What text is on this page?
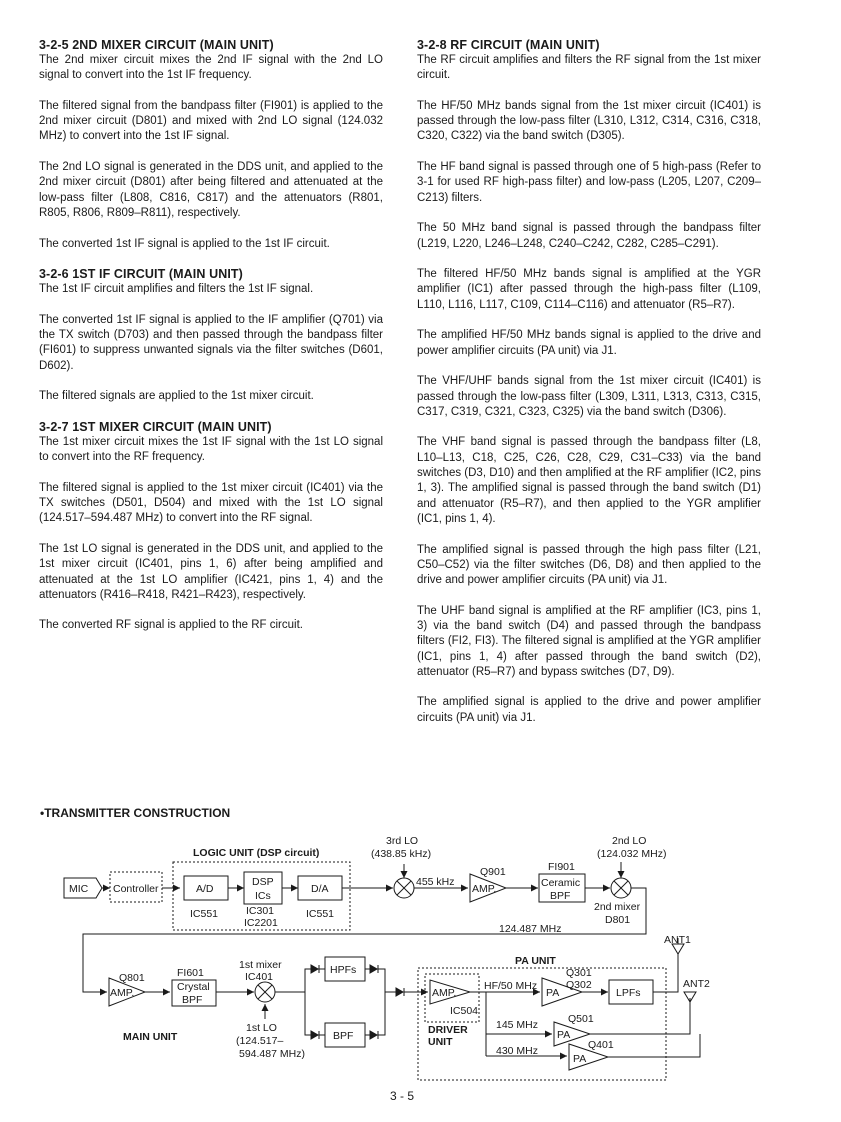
3-2-5 2ND MIXER CIRCUIT (MAIN UNIT)

The 2nd mixer circuit mixes the 2nd IF signal with the 2nd LO signal to convert into the 1st IF frequency.

The filtered signal from the bandpass filter (FI901) is applied to the 2nd mixer circuit (D801) and mixed with 2nd LO signal (124.032 MHz) to convert into the 1st IF signal.

The 2nd LO signal is generated in the DDS unit, and applied to the 2nd mixer circuit (D801) after being filtered and attenuated at the low-pass filter (L808, C816, C817) and the attenuators (R801, R805, R806, R809–R811), respectively.

The converted 1st IF signal is applied to the 1st IF circuit.

3-2-6 1ST IF CIRCUIT (MAIN UNIT)

The 1st IF circuit amplifies and filters the 1st IF signal.

The converted 1st IF signal is applied to the IF amplifier (Q701) via the TX switch (D703) and then passed through the bandpass filter (FI601) to suppress unwanted signals via the filter switches (D601, D602).

The filtered signals are applied to the 1st mixer circuit.

3-2-7 1ST MIXER CIRCUIT (MAIN UNIT)

The 1st mixer circuit mixes the 1st IF signal with the 1st LO signal to convert into the RF frequency.

The filtered signal is applied to the 1st mixer circuit (IC401) via the TX switches (D501, D504) and mixed with the 1st LO signal (124.517–594.487 MHz) to convert into the RF signal.

The 1st LO signal is generated in the DDS unit, and applied to the 1st mixer circuit (IC401, pins 1, 6) after being amplified and attenuated at the 1st LO amplifier (IC421, pins 1, 4) and the attenuators (R416–R418, R421–R423), respectively.

The converted RF signal is applied to the RF circuit.

3-2-8 RF CIRCUIT (MAIN UNIT)

The RF circuit amplifies and filters the RF signal from the 1st mixer circuit.

The HF/50 MHz bands signal from the 1st mixer circuit (IC401) is passed through the low-pass filter (L310, L312, C314, C316, C318, C320, C322) via the band switch (D305).

The HF band signal is passed through one of 5 high-pass (Refer to 3-1 for used RF high-pass filter) and low-pass (L205, L207, C209–C213) filters.

The 50 MHz band signal is passed through the bandpass filter (L219, L220, L246–L248, C240–C242, C282, C285–C291).

The filtered HF/50 MHz bands signal is amplified at the YGR amplifier (IC1) after passed through the high-pass filter (L109, L110, L116, L117, C109, C114–C116) and attenuator (R5–R7).

The amplified HF/50 MHz bands signal is applied to the drive and power amplifier circuits (PA unit) via J1.

The VHF/UHF bands signal from the 1st mixer circuit (IC401) is passed through the low-pass filter (L309, L311, L313, C313, C315, C317, C319, C321, C323, C325) via the band switch (D306).

The VHF band signal is passed through the bandpass filter (L8, L10–L13, C18, C25, C26, C28, C29, C31–C33) via the band switches (D3, D10) and then amplified at the RF amplifier (IC2, pins 1, 3). The amplified signal is passed through the band switch (D1) and attenuator (R5–R7), and then applied to the YGR amplifier (IC1, pins 1, 4).

The amplified signal is passed through the high pass filter (L21, C50–C52) via the filter switches (D6, D8) and then applied to the drive and power amplifier circuits (PA unit) via J1.

The UHF band signal is amplified at the RF amplifier (IC3, pins 1, 3) via the band switch (D4) and passed through the bandpass filters (FI2, FI3). The filtered signal is amplified at the YGR amplifier (IC1, pins 1, 4) after passed through the band switch (D2), attenuator (R5–R7) and bypass switches (D7, D9).

The amplified signal is applied to the drive and power amplifier circuits (PA unit) via J1.

•TRANSMITTER CONSTRUCTION
MIC Controller
LOGIC UNIT (DSP circuit)
A/D
DSP
ICs
D/A
IC551	IC301
IC2201
IC551
3rd LO
(438.85 kHz)
455 kHz
Q901
AMP.
FI901
Ceramic
BPF
2nd LO
(124.032 MHz)
2nd mixer
D801
124.487 MHz
Q801
AMP.
FI601
Crystal
BPF
1st mixer
IC401
1st LO
(124.517–
594.487 MHz)
HPFs
BPF
MAIN UNIT
PA UNIT
AMP.
IC504
HF/50 MHz
Q301
Q302
PA	LPFs
145 MHz	Q501
PA
430 MHz	Q401
PA
DRIVER
UNIT
ANT1
ANT2
3 - 5
